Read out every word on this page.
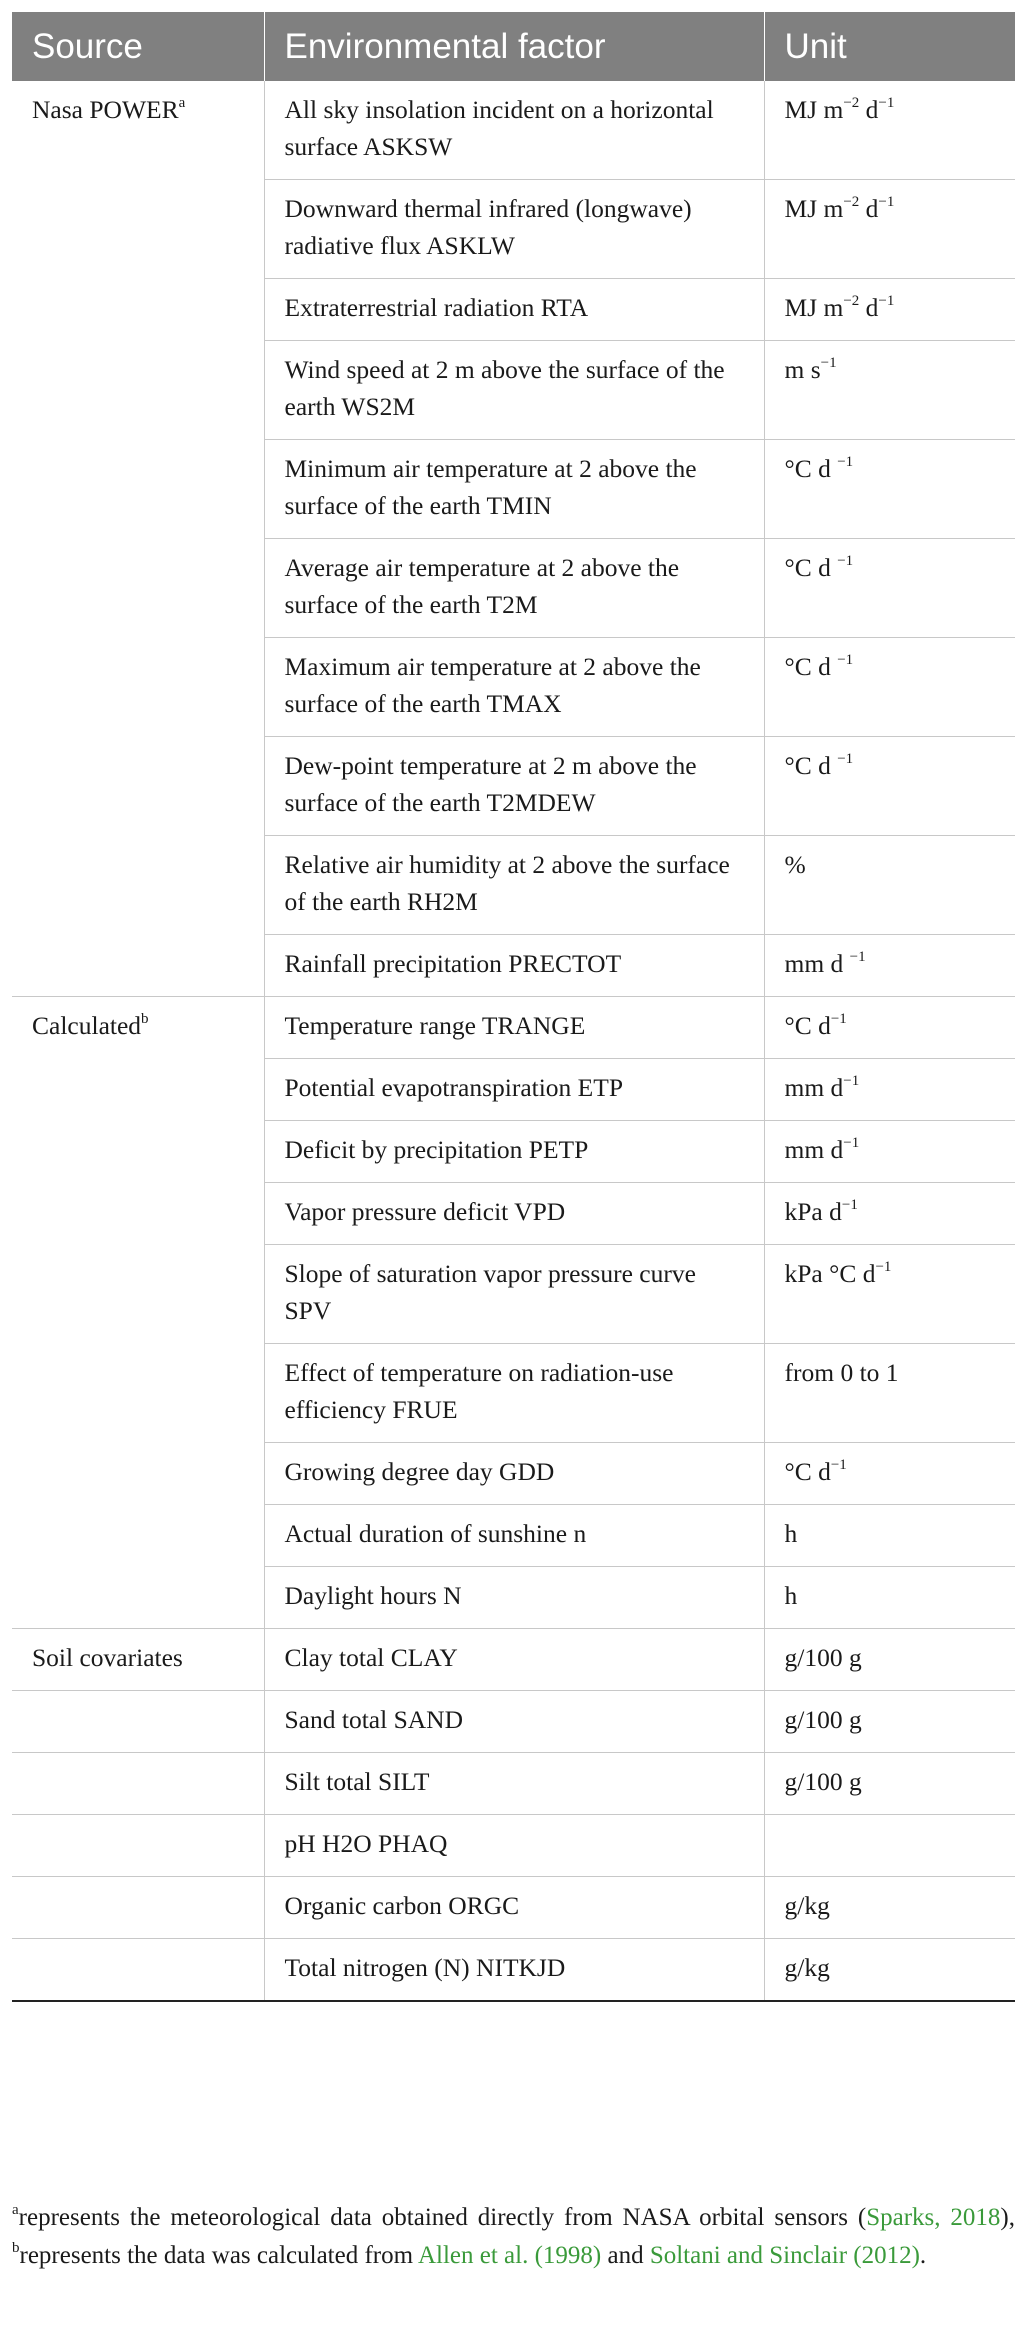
Source	Environmental factor	Unit
Nasa POWER$^a$	All sky insolation incident on a horizontal surface ASKSW	MJ $m^{-2}$ $d^{-1}$
	Downward thermal infrared (longwave) radiative flux ASKLW	MJ $m^{-2}$ $d^{-1}$
	Extraterrestrial radiation RTA	MJ $m^{-2}$ $d^{-1}$
	Wind speed at 2 m above the surface of the earth WS2M	m $s^{-1}$
	Minimum air temperature at 2 above the surface of the earth TMIN	°C d $^{-1}$
	Average air temperature at 2 above the surface of the earth T2M	°C d $^{-1}$
	Maximum air temperature at 2 above the surface of the earth TMAX	°C d $^{-1}$
	Dew-point temperature at 2 m above the surface of the earth T2MDEW	°C d $^{-1}$
	Relative air humidity at 2 above the surface of the earth RH2M	%
	Rainfall precipitation PRECTOT	mm d $^{-1}$
Calculated$^b$	Temperature range TRANGE	°C $d^{-1}$
	Potential evapotranspiration ETP	mm $d^{-1}$
	Deficit by precipitation PETP	mm $d^{-1}$
	Vapor pressure deficit VPD	kPa $d^{-1}$
	Slope of saturation vapor pressure curve SPV	kPa °C $d^{-1}$
	Effect of temperature on radiation-use efficiency FRUE	from 0 to 1
	Growing degree day GDD	°C $d^{-1}$
	Actual duration of sunshine n	h
	Daylight hours N	h
Soil covariates	Clay total CLAY	g/100 g
	Sand total SAND	g/100 g
	Silt total SILT	g/100 g
	pH H2O PHAQ	
	Organic carbon ORGC	g/kg
	Total nitrogen (N) NITKJD	g/kg
$^a$represents the meteorological data obtained directly from NASA orbital sensors (Sparks, 2018), $^b$represents the data was calculated from Allen et al. (1998) and Soltani and Sinclair (2012).
